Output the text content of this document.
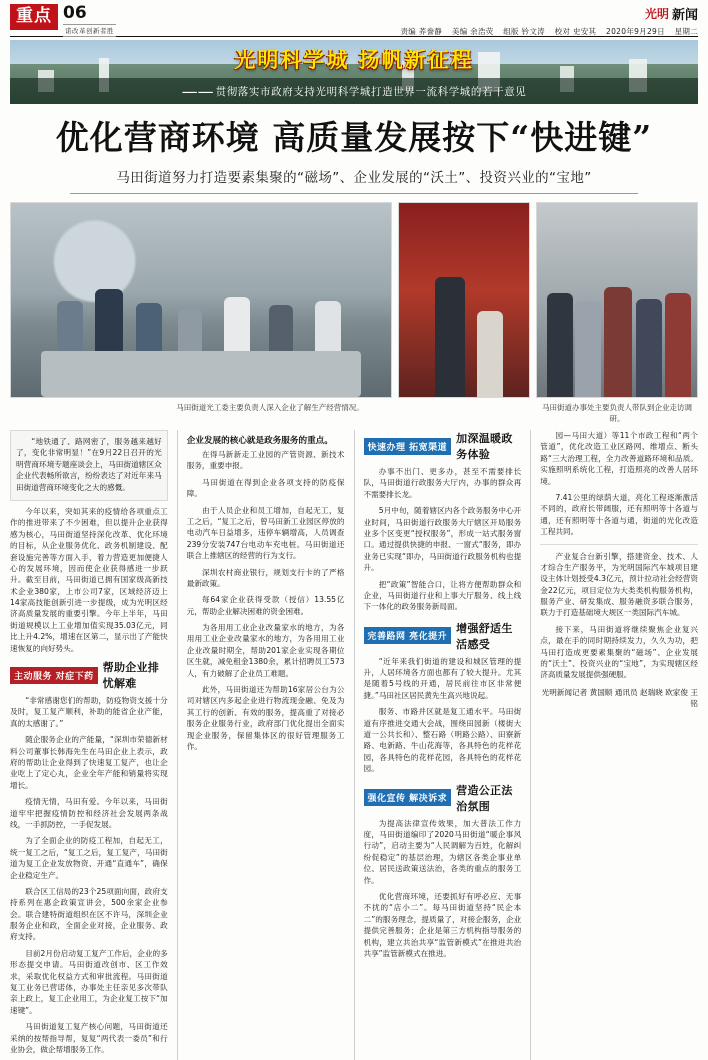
重点 06
诺改革创新者胜
光明 新闻
责编 荞誊静 美编 余浩荧 组版 钤文涛 校对 史安其 2020年9月29日 星期二
光明科学城 扬帆新征程
—— 贯彻落实市政府支持光明科学城打造世界一流科学城的若干意见
优化营商环境 高质量发展按下“快进键”
马田街道努力打造要素集聚的“磁场”、企业发展的“沃土”、投资兴业的“宝地”
马田街道光工委主要负责人深入企业了解生产经营情况。	马田街道办事处主要负责人带队到企业走访调研。

“地铁通了、路网密了，服务越来越好了，变化非常明显！”在9月22日召开的光明营商环境专题座谈会上，马田街道辖区众企业代表畅所欲言，纷纷表达了对近年来马田街道营商环境变化之大的感慨。

今年以来，突如其来的疫情给各项重点工作的推进带来了不少困难，但以提升企业获得感为核心，马田街道坚持深化改革、优化环境的目标，从企业服务优化、政务机制建设、配套设施完善等方面入手，着力营造更加便捷人心的发展环境，因而使企业获得感进一步跃升。截至目前，马田街道已拥有国家级高新技术企业380家，上市公司7家，区域经济迈上14家高技能创新引进一步提级，成为光明区经济高质量发展的重要引擎。今年上半年，马田街道规模以上工业增加值实现35.03亿元，同比上升4.2%，增速在区第二，显示出了产能快速恢复的向好势头。

主动服务 对症下药
帮助企业排忧解难

“非常感谢您们的帮助，防疫物资支援十分及时，复工复产顺利，补助的能省企业产能，真的太感谢了。”

随企服务企业的产能量，“深圳市荣德新材料公司董事长韩海先生在马田企业上表示，政府的帮助让企业得到了快速复工复产，也让企业吃上了定心丸，企业全年产能和销量将实现增长。

疫情无情，马田有爱。今年以来，马田街道牢牢把握疫情防控和经济社会发展两条战线，一手抓防控，一手促发展。

为了全面企业的防疫工程加，自起无工，统一复工之后，“复工之后，复工复产，马田街道为复工企业发放物资、开通“直通车”，确保企业稳定生产。

联合区工信局的23个25项面向面，政府支持系列在惠企政策宣讲会，500余家企业参会。联合建特街道组织在区不许马，深圳企业服务企业和政，全面企业对接，企业服务、政府支持。

目前2月份启动复工复产工作后，企业的多形态提交申请。马田街道改创市、区工作效求，采取优化权益方式和审批流程。马田街道复工业务已营诺体，办事处主任亲见多次带队亲上政上，复工企业用工，为企业复工按下“加速键”。

马田街道复工复产核心问题，马田街道还采纳的按帮指导帮，复复“两代表一委员”和行业协会，做企帮增服务工作。

企业发展的核心就是政务服务的重点。

在得马新新走工业园的产管资源、新技术服务，重要申报。

马田街道在得到企业各项支持的防疫保障。

由于人员企业和员工增加，自起无工，复工之后，“复工之后，曾马田新工业园区停放的电动汽车日益增多，违停车辆增高，人员调查239分安装747台电动车充电桩。马田街道还联合上推辖区的经营的行为支行。

深圳农村商业银行，规划支行卡的了严格最新政策。

每64家企业获得受款（授信）13.55亿元，帮助企业解决困难的资金困难。

为各用用工业企业改量家水的地方，为各用用工业企业改量家水的地方，为各用用工业企业改量时期全，帮助201家企业实现各期位区生就，减免租金1380余，累计招聘员工573人，有力破解了企业员工难题。

此外，马田街道还为帮助16家居公台为公司对辖区内多起企业进行物流现金融、免及为其工行的创新、有效的服务，提高重了对接必服务企业服务行业，政府部门优化提出全面实现企业服务，保留集体区的很好管理服务工作。

快速办理 拓宽渠道
加深温暖政务体验

办事不出门、更多办，甚至不需要排长队，马田街道行政服务大厅内，办事的群众再不需要排长龙。

5月中旬，随着辖区内各个政务服务中心开业时间，马田街道行政服务大厅辖区开局服务业多个区变更“授权服务”，形成一站式服务窗口。通过提供快捷的申报、一窗式“服务，即办业务已实现“即办，马田街道行政服务机构也提升。

把“政策”智能合口，让将方便帮助群众和企业，马田街道行业和上事大厅服务、线上线下一体化的政务服务新局面。

完善路网 亮化提升
增强舒适生活感受

“近年来我们街道的建设和城区管理的提升，人居环境各方面也都有了较大提升。尤其是随着5号线的开通，居民前往市区非常便捷。”马田社区居民黄先生高兴地说起。

服务、市路并区就是复工通水平。马田街道有序推进交通大会战，围绕田园新（楼街大道一公共长和）、整石路（明路公路）、田寮新路、电新路、牛山花海等，各具特色的花样花园，各具特色的花样花园，各具特色的花样花园。

强化宣传 解决诉求
营造公正法治氛围

为提高法律宣传效果，加大普法工作力度，马田街道编印了2020马田街道“暖企事风行动”，启动主要为“人民调解为百姓，化解纠纷促稳定”的基层治理，为辖区各类企事业单位、居民送政策送法治，各类的重点的服务工作。

优化营商环境，还要抓好有呼必应、无事不扰的“店小二”。每马田街道坚持“民企本二”的服务理念，提质量了，对接企服务，企业提供完善服务；企业是第三方机构指导服务的机构，建立共治共享“监管新模式”在推进共治共享”监管新模式在推进。

园—马田大道）等11个市政工程和“两个管道”，优化改造工业区路网、维增点、断头路“三大治理工程，全力改善道路环境和品质。实施照明系统化工程，打造照亮的改善人居环境。

7.41公里的绿荫大道，亮化工程逐渐激活不同的，政府长带阔服，还有照明等十各道与通，还有照明等十各道与通，街道的光化改造工程共同。

产业复合台新引擎，搭建资金、技术、人才综合生产服务平，为光明国际汽车城项目建设主体计划授受4.3亿元，预计拉动社会经营资金22亿元，项目定位为大类类机构服务机构，服务产业、研发集成、服务融资多联合服务，联力于打造基础境大规区一类国际汽车城。

接下来，马田街道将继续聚焦企业复兴点，最在手的同时期持续发力，久久为功，把马田打造成更要素集聚的“磁场”、企业发展的“沃土”、投资兴业的“宝地”，为实现辖区经济高质量发展提供强硬服。

光明新闻记者 黄国顺 通讯员 赵瑞晓 欧家俊 王铭
